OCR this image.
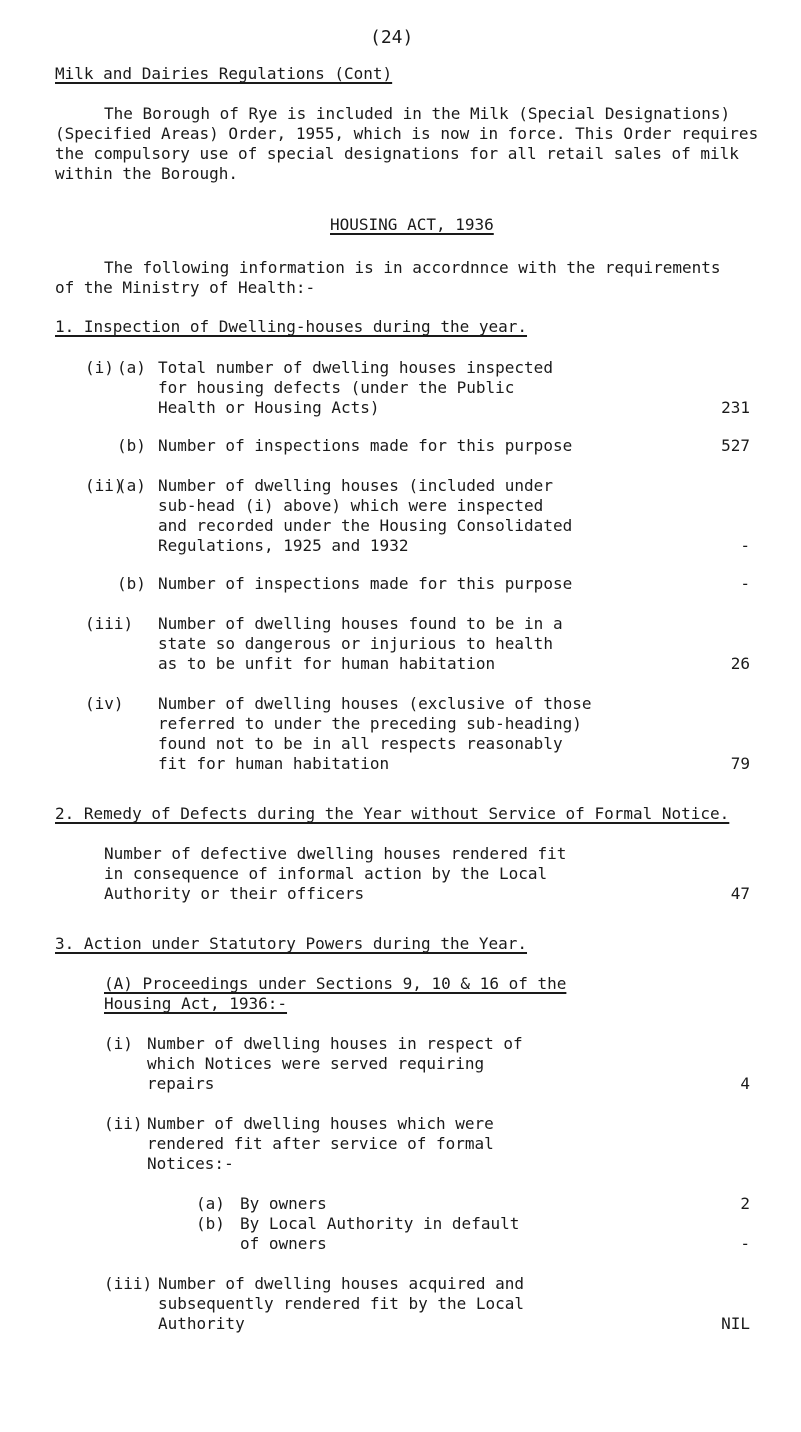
(24)
Milk and Dairies Regulations (Cont)
The Borough of Rye is included in the Milk (Special Designations)
(Specified Areas) Order, 1955, which is now in force. This Order requires
the compulsory use of special designations for all retail sales of milk
within the Borough.
HOUSING ACT, 1936
The following information is in accordnnce with the requirements
of the Ministry of Health:-
1. Inspection of Dwelling-houses during the year.
(i) (a) Total number of dwelling houses inspected
for housing defects (under the Public
Health or Housing Acts)	231
(b) Number of inspections made for this purpose	527
(ii)
(a) Number of dwelling houses (included under
sub-head (i) above) which were inspected
and recorded under the Housing Consolidated
Regulations, 1925 and 1932	-
(b) Number of inspections made for this purpose	-
(iii) Number of dwelling houses found to be in a
state so dangerous or injurious to health
as to be unfit for human habitation	26
(iv) Number of dwelling houses (exclusive of those
referred to under the preceding sub-heading)
found not to be in all respects reasonably
fit for human habitation	79
2. Remedy of Defects during the Year without Service of Formal Notice.
Number of defective dwelling houses rendered fit
in consequence of informal action by the Local
Authority or their officers	47
3. Action under Statutory Powers during the Year.
(A) Proceedings under Sections 9, 10 & 16 of the
Housing Act, 1936:-
(i) Number of dwelling houses in respect of
which Notices were served requiring
repairs	4
(ii) Number of dwelling houses which were
rendered fit after service of formal
Notices:-
(a) By owners	2
(b) By Local Authority in default
of owners	-
(iii) Number of dwelling houses acquired and
subsequently rendered fit by the Local
Authority	NIL
